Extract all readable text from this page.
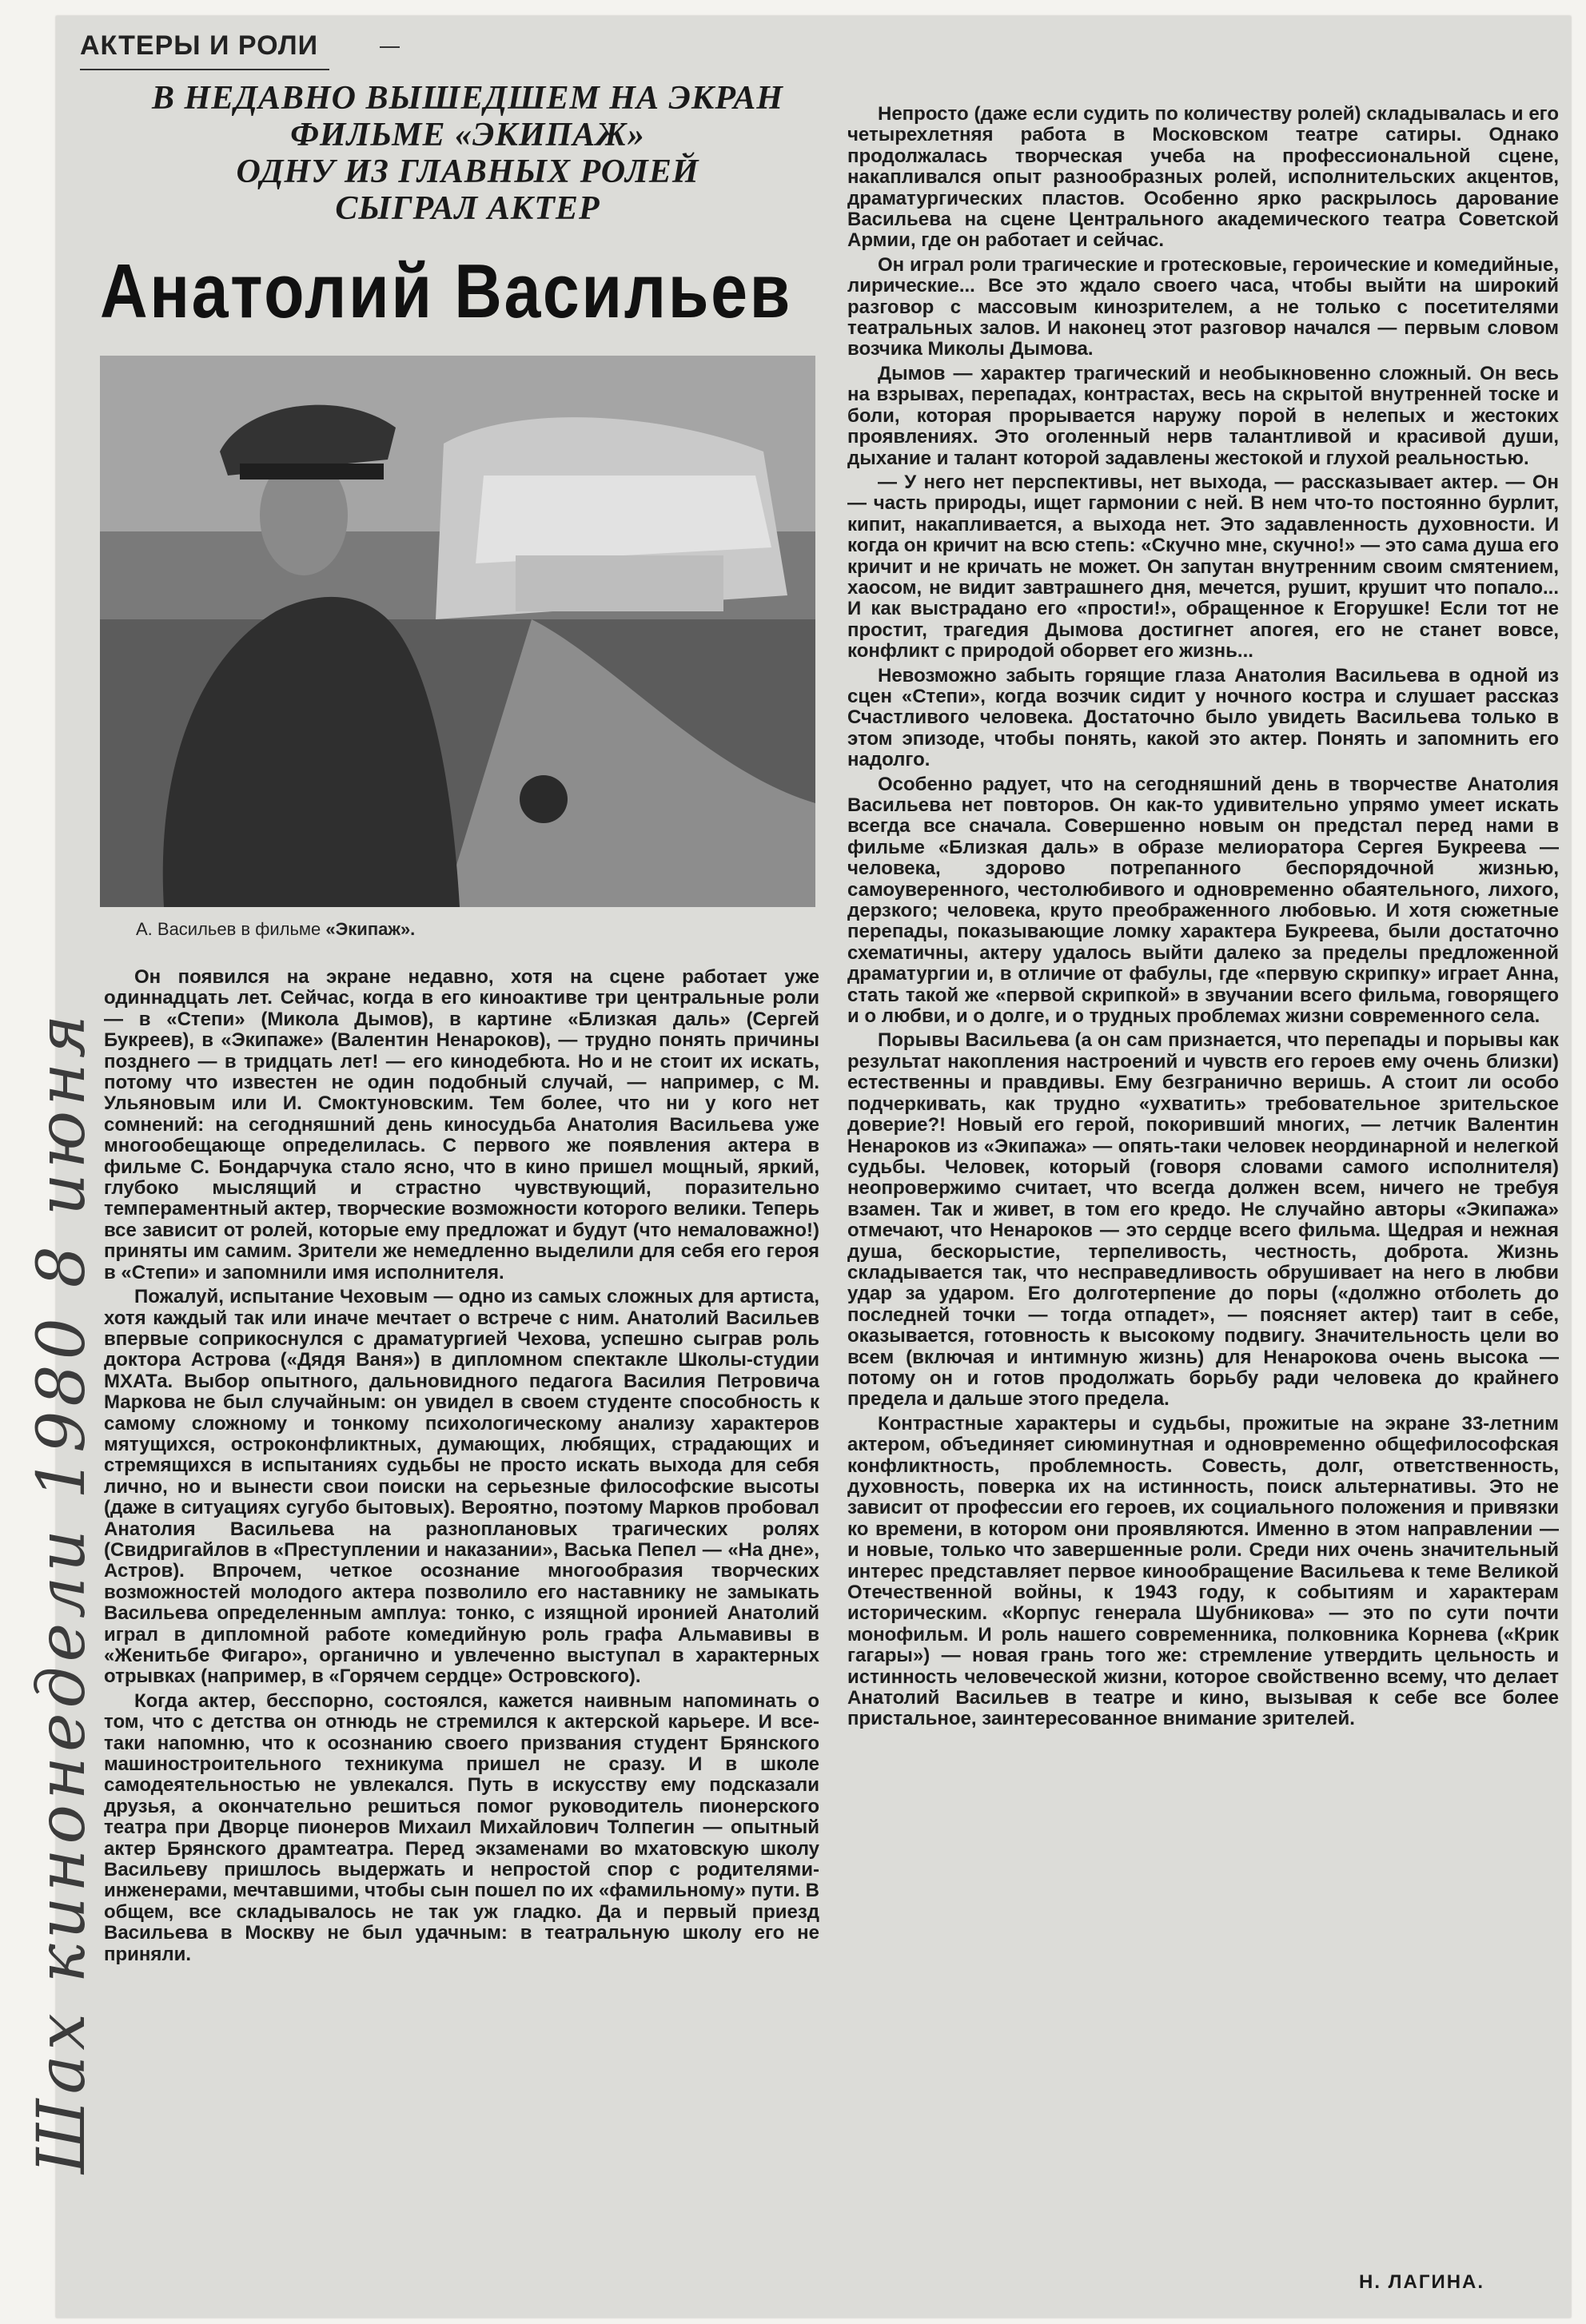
АКТЕРЫ И РОЛИ
В НЕДАВНО ВЫШЕДШЕМ НА ЭКРАН
ФИЛЬМЕ «ЭКИПАЖ»
ОДНУ ИЗ ГЛАВНЫХ РОЛЕЙ
СЫГРАЛ АКТЕР
Анатолий Васильев
А. Васильев в фильме «Экипаж».

Он появился на экране недавно, хотя на сцене работает уже одиннадцать лет. Сейчас, когда в его киноактиве три центральные роли — в «Степи» (Микола Дымов), в картине «Близкая даль» (Сергей Букреев), в «Экипаже» (Валентин Ненароков), — трудно понять причины позднего — в тридцать лет! — его кинодебюта. Но и не стоит их искать, потому что известен не один подобный случай, — например, с М. Ульяновым или И. Смоктуновским. Тем более, что ни у кого нет сомнений: на сегодняшний день киносудьба Анатолия Васильева уже многообещающе определилась. С первого же появления актера в фильме С. Бондарчука стало ясно, что в кино пришел мощный, яркий, глубоко мыслящий и страстно чувствующий, поразительно темпераментный актер, творческие возможности которого велики. Теперь все зависит от ролей, которые ему предложат и будут (что немаловажно!) приняты им самим. Зрители же немедленно выделили для себя его героя в «Степи» и запомнили имя исполнителя.

Пожалуй, испытание Чеховым — одно из самых сложных для артиста, хотя каждый так или иначе мечтает о встрече с ним. Анатолий Васильев впервые соприкоснулся с драматургией Чехова, успешно сыграв роль доктора Астрова («Дядя Ваня») в дипломном спектакле Школы-студии МХАТа. Выбор опытного, дальновидного педагога Василия Петровича Маркова не был случайным: он увидел в своем студенте способность к самому сложному и тонкому психологическому анализу характеров мятущихся, остроконфликтных, думающих, любящих, страдающих и стремящихся в испытаниях судьбы не просто искать выхода для себя лично, но и вынести свои поиски на серьезные философские высоты (даже в ситуациях сугубо бытовых). Вероятно, поэтому Марков пробовал Анатолия Васильева на разноплановых трагических ролях (Свидригайлов в «Преступлении и наказании», Васька Пепел — «На дне», Астров). Впрочем, четкое осознание многообразия творческих возможностей молодого актера позволило его наставнику не замыкать Васильева определенным амплуа: тонко, с изящной иронией Анатолий играл в дипломной работе комедийную роль графа Альмавивы в «Женитьбе Фигаро», органично и увлеченно выступал в характерных отрывках (например, в «Горячем сердце» Островского).

Когда актер, бесспорно, состоялся, кажется наивным напоминать о том, что с детства он отнюдь не стремился к актерской карьере. И все-таки напомню, что к осознанию своего призвания студент Брянского машиностроительного техникума пришел не сразу. И в школе самодеятельностью не увлекался. Путь в искусству ему подсказали друзья, а окончательно решиться помог руководитель пионерского театра при Дворце пионеров Михаил Михайлович Толпегин — опытный актер Брянского драмтеатра. Перед экзаменами во мхатовскую школу Васильеву пришлось выдержать и непростой спор с родителями-инженерами, мечтавшими, чтобы сын пошел по их «фамильному» пути. В общем, все складывалось не так уж гладко. Да и первый приезд Васильева в Москву не был удачным: в театральную школу его не приняли.

Непросто (даже если судить по количеству ролей) складывалась и его четырехлетняя работа в Московском театре сатиры. Однако продолжалась творческая учеба на профессиональной сцене, накапливался опыт разнообразных ролей, исполнительских акцентов, драматургических пластов. Особенно ярко раскрылось дарование Васильева на сцене Центрального академического театра Советской Армии, где он работает и сейчас.

Он играл роли трагические и гротесковые, героические и комедийные, лирические... Все это ждало своего часа, чтобы выйти на широкий разговор с массовым кинозрителем, а не только с посетителями театральных залов. И наконец этот разговор начался — первым словом возчика Миколы Дымова.

Дымов — характер трагический и необыкновенно сложный. Он весь на взрывах, перепадах, контрастах, весь на скрытой внутренней тоске и боли, которая прорывается наружу порой в нелепых и жестоких проявлениях. Это оголенный нерв талантливой и красивой души, дыхание и талант которой задавлены жестокой и глухой реальностью.

— У него нет перспективы, нет выхода, — рассказывает актер. — Он — часть природы, ищет гармонии с ней. В нем что-то постоянно бурлит, кипит, накапливается, а выхода нет. Это задавленность духовности. И когда он кричит на всю степь: «Скучно мне, скучно!» — это сама душа его кричит и не кричать не может. Он запутан внутренним своим смятением, хаосом, не видит завтрашнего дня, мечется, рушит, крушит что попало... И как выстрадано его «прости!», обращенное к Егорушке! Если тот не простит, трагедия Дымова достигнет апогея, его не станет вовсе, конфликт с природой оборвет его жизнь...

Невозможно забыть горящие глаза Анатолия Васильева в одной из сцен «Степи», когда возчик сидит у ночного костра и слушает рассказ Счастливого человека. Достаточно было увидеть Васильева только в этом эпизоде, чтобы понять, какой это актер. Понять и запомнить его надолго.

Особенно радует, что на сегодняшний день в творчестве Анатолия Васильева нет повторов. Он как-то удивительно упрямо умеет искать всегда все сначала. Совершенно новым он предстал перед нами в фильме «Близкая даль» в образе мелиоратора Сергея Букреева — человека, здорово потрепанного беспорядочной жизнью, самоуверенного, честолюбивого и одновременно обаятельного, лихого, дерзкого; человека, круто преображенного любовью. И хотя сюжетные перепады, показывающие ломку характера Букреева, были достаточно схематичны, актеру удалось выйти далеко за пределы предложенной драматургии и, в отличие от фабулы, где «первую скрипку» играет Анна, стать такой же «первой скрипкой» в звучании всего фильма, говорящего и о любви, и о долге, и о трудных проблемах жизни современного села.

Порывы Васильева (а он сам признается, что перепады и порывы как результат накопления настроений и чувств его героев ему очень близки) естественны и правдивы. Ему безгранично веришь. А стоит ли особо подчеркивать, как трудно «ухватить» требовательное зрительское доверие?! Новый его герой, покоривший многих, — летчик Валентин Ненароков из «Экипажа» — опять-таки человек неординарной и нелегкой судьбы. Человек, который (говоря словами самого исполнителя) неопровержимо считает, что всегда должен всем, ничего не требуя взамен. Так и живет, в том его кредо. Не случайно авторы «Экипажа» отмечают, что Ненароков — это сердце всего фильма. Щедрая и нежная душа, бескорыстие, терпеливость, честность, доброта. Жизнь складывается так, что несправедливость обрушивает на него в любви удар за ударом. Его долготерпение до поры («должно отболеть до последней точки — тогда отпадет», — поясняет актер) таит в себе, оказывается, готовность к высокому подвигу. Значительность цели во всем (включая и интимную жизнь) для Ненарокова очень высока — потому он и готов продолжать борьбу ради человека до крайнего предела и дальше этого предела.

Контрастные характеры и судьбы, прожитые на экране 33-летним актером, объединяет сиюминутная и одновременно общефилософская конфликтность, проблемность. Совесть, долг, ответственность, духовность, поверка их на истинность, поиск альтернативы. Это не зависит от профессии его героев, их социального положения и привязки ко времени, в котором они проявляются. Именно в этом направлении — и новые, только что завершенные роли. Среди них очень значительный интерес представляет первое кинообращение Васильева к теме Великой Отечественной войны, к 1943 году, к событиям и характерам историческим. «Корпус генерала Шубникова» — это по сути почти монофильм. И роль нашего современника, полковника Корнева («Крик гагары») — новая грань того же: стремление утвердить цельность и истинность человеческой жизни, которое свойственно всему, что делает Анатолий Васильев в театре и кино, вызывая к себе все более пристальное, заинтересованное внимание зрителей.

Н. ЛАГИНА.
Шах кинонедели 1980 8 июня
